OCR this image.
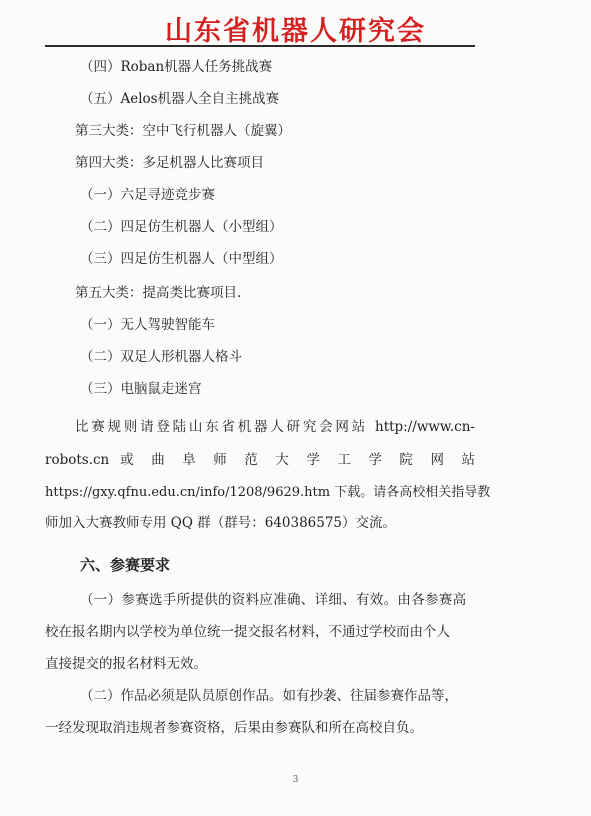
山东省机器人研究会
（四）Roban机器人任务挑战赛
（五）Aelos机器人全自主挑战赛
第三大类：空中飞行机器人（旋翼）
第四大类：多足机器人比赛项目
（一）六足寻迹竞步赛
（二）四足仿生机器人（小型组）
（三）四足仿生机器人（中型组）
第五大类：提高类比赛项目.
（一）无人驾驶智能车
（二）双足人形机器人格斗
（三）电脑鼠走迷宫
比赛规则请登陆山东省机器人研究会网站 http://www.cn-
robots.cn 或 曲 阜 师 范 大 学 工 学 院 网 站
https://gxy.qfnu.edu.cn/info/1208/9629.htm 下载。请各高校相关指导教
师加入大赛教师专用 QQ 群（群号：640386575）交流。
六、参赛要求
（一）参赛选手所提供的资料应准确、详细、有效。由各参赛高
校在报名期内以学校为单位统一提交报名材料，不通过学校而由个人
直接提交的报名材料无效。
（二）作品必须是队员原创作品。如有抄袭、往届参赛作品等，
一经发现取消违规者参赛资格，后果由参赛队和所在高校自负。
3
